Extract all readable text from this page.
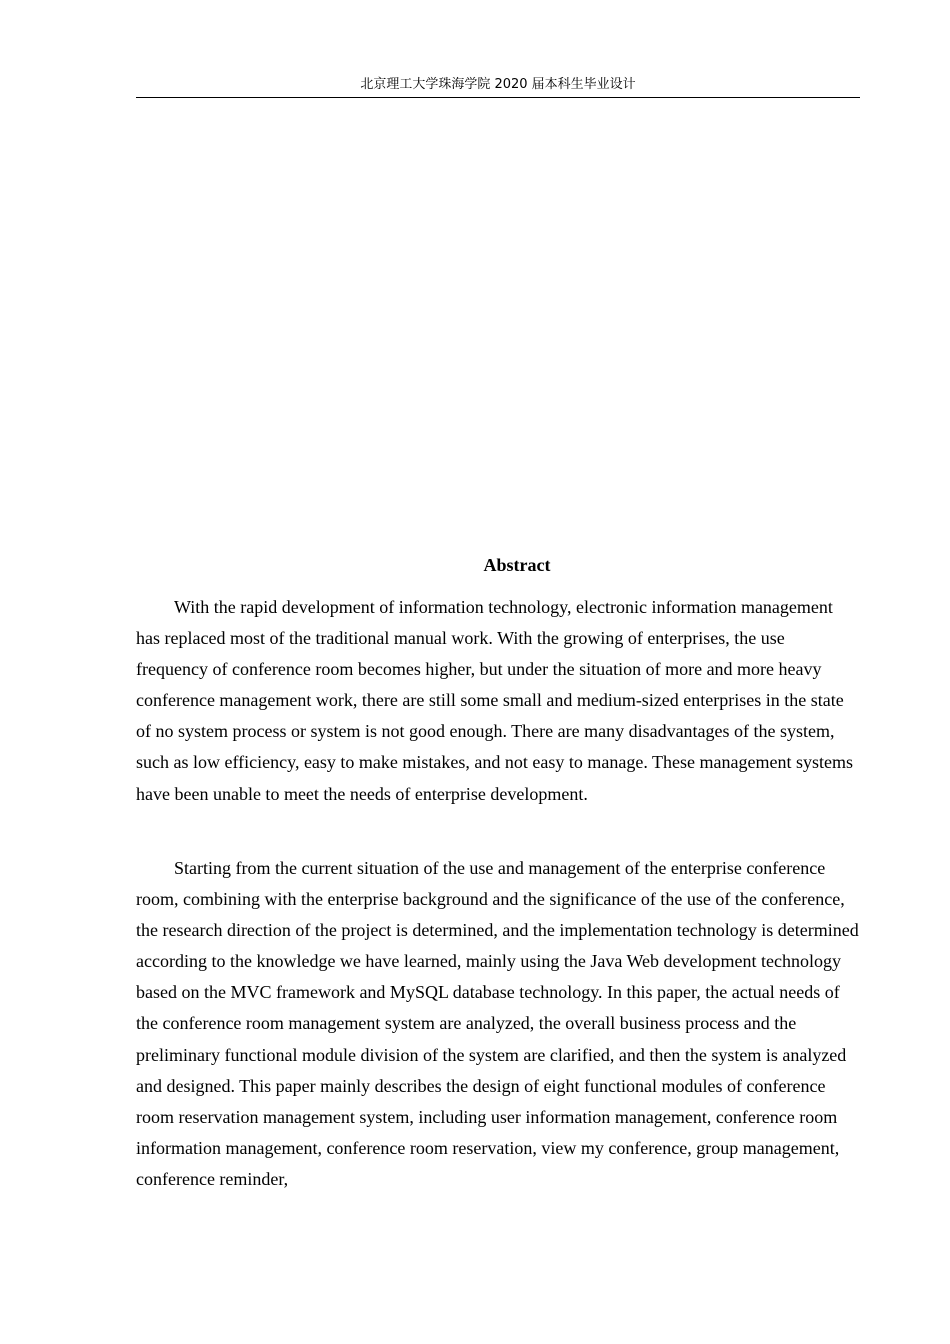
北京理工大学珠海学院 2020 届本科生毕业设计
Abstract

With the rapid development of information technology, electronic information management has replaced most of the traditional manual work. With the growing of enterprises, the use frequency of conference room becomes higher, but under the situation of more and more heavy conference management work, there are still some small and medium-sized enterprises in the state of no system process or system is not good enough. There are many disadvantages of the system, such as low efficiency, easy to make mistakes, and not easy to manage. These management systems have been unable to meet the needs of enterprise development.

Starting from the current situation of the use and management of the enterprise conference room, combining with the enterprise background and the significance of the use of the conference, the research direction of the project is determined, and the implementation technology is determined according to the knowledge we have learned, mainly using the Java Web development technology based on the MVC framework and MySQL database technology. In this paper, the actual needs of the conference room management system are analyzed, the overall business process and the preliminary functional module division of the system are clarified, and then the system is analyzed and designed. This paper mainly describes the design of eight functional modules of conference room reservation management system, including user information management, conference room information management, conference room reservation, view my conference, group management, conference reminder,
